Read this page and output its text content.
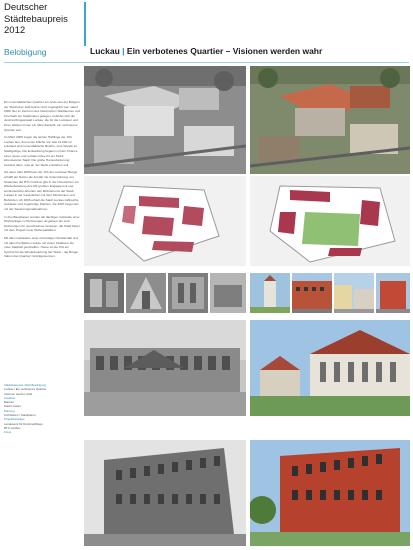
Deutscher
Städtebaupreis
2012
Belobigung	Luckau | Ein verbotenes Quartier – Visionen werden wahr

Ein innerstädtisches Quartier am Ande des der Bürgern der Stadt über Jahrzehnte nicht zugänglich war, stand 2002 hier im Zentrum des historischen Stadtkernes und innerhalb der Stadtmauer gelegen, befindet sich die Justizvollzugsanstalt Luckau, die für die Luckauer und ihren Gästen immer ein Tabu darstellt, ein verbotenes Quartier war.

Im März 2005 zogen die letzten Häftlinge der JVA Luckau aus, drei einen Fläche von fast 12.000 m² entstand eine innerstädtische Brache, eine Wunde im Stadtgefüge. Die Entwicklung begann mit der Chance einer neuen und sozialen Idee für ein Stück lebenswerter Stadt. Die große Herausforderung bestand darin, was an der Stelle entstehen soll.

Als dann Jahr 2005 kam die JVA der Luckauer Bürger schafft als Nutzer die Anstalt mit Unterstützung von Studenten der BTU Cottbus gibt in der historischen zur Wiederbelebung des Mit großem Engagement und kontinuierliche Arbeiten des Ministeriums der Stadt Luckau in der Gesprächen mit dem Ministerium und Behörden. Ab 2006 erhielt die Stadt Luckau zahlreiche Gebäude und zugehörige Flächen, die 2007 begonnen mit der Sanierungsmaßnahmen.

In drei Bauphasen wurden die flachigen Gebäude einer Wohnanlage zu Wohnungen umgebaut. Es sind Wohnungen für verschiedene Gruppen, die Stadt bietet mit dem Projekt neue Wohnqualitäten.

Mit allen Gebäuden einer ehemaligen Strafanstalt und mit allen Freiflächen wurde mit vielen Initiativen die neue Stadtteil geschaffen. Heute ist die JVA ein Symbol für die Wiederbelebung der Stadt – die Bürger haben das Quartier zurückgewonnen.

Städtebaupreis 2012 Belobigung
Luckau / Ein verbotenes Quartier
Visionen werden wahr
Auslober
Bauherr
Stadt Luckau
Planung
Architekten / Stadtplaner
Projektbeteiligte
Landesamt für Denkmalpflege
BTU Cottbus
Fotos
